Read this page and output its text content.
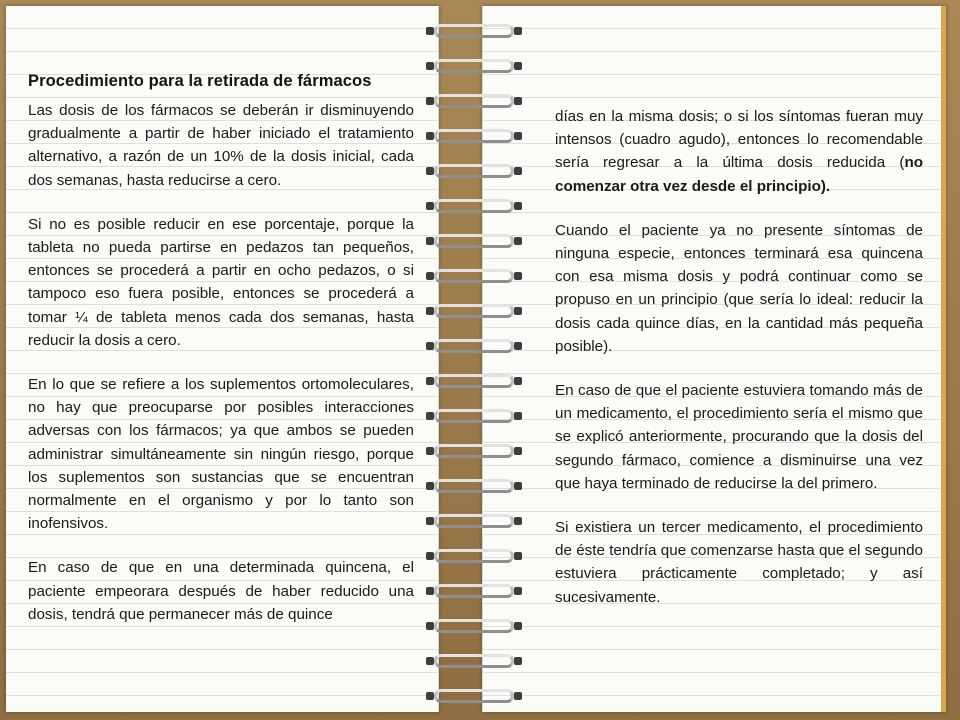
Procedimiento para la retirada de fármacos

Las dosis de los fármacos se deberán ir disminuyendo gradualmente a partir de haber iniciado el tratamiento alternativo, a razón de un 10% de la dosis inicial, cada dos semanas, hasta reducirse a cero.

Si no es posible reducir en ese porcentaje, porque la tableta no pueda partirse en pedazos tan pequeños, entonces se procederá a partir en ocho pedazos, o si tampoco eso fuera posible, entonces se procederá a tomar ¼ de tableta menos cada dos semanas, hasta reducir la dosis a cero.

En lo que se refiere a los suplementos ortomoleculares, no hay que preocuparse por posibles interacciones adversas con los fármacos; ya que ambos se pueden administrar simultáneamente sin ningún riesgo, porque los suplementos son sustancias que se encuentran normalmente en el organismo y por lo tanto son inofensivos.

En caso de que en una determinada quincena, el paciente empeorara después de haber reducido una dosis, tendrá que permanecer más de quince

días en la misma dosis; o si los síntomas fueran muy intensos (cuadro agudo), entonces lo recomendable sería regresar a la última dosis reducida (no comenzar otra vez desde el principio).

Cuando el paciente ya no presente síntomas de ninguna especie, entonces terminará esa quincena con esa misma dosis y podrá continuar como se propuso en un principio (que sería lo ideal: reducir la dosis cada quince días, en la cantidad más pequeña posible).

En caso de que el paciente estuviera tomando más de un medicamento, el procedimiento sería el mismo que se explicó anteriormente, procurando que la dosis del segundo fármaco, comience a disminuirse una vez que haya terminado de reducirse la del primero.

Si existiera un tercer medicamento, el procedimiento de éste tendría que comenzarse hasta que el segundo estuviera prácticamente completado; y así sucesivamente.
